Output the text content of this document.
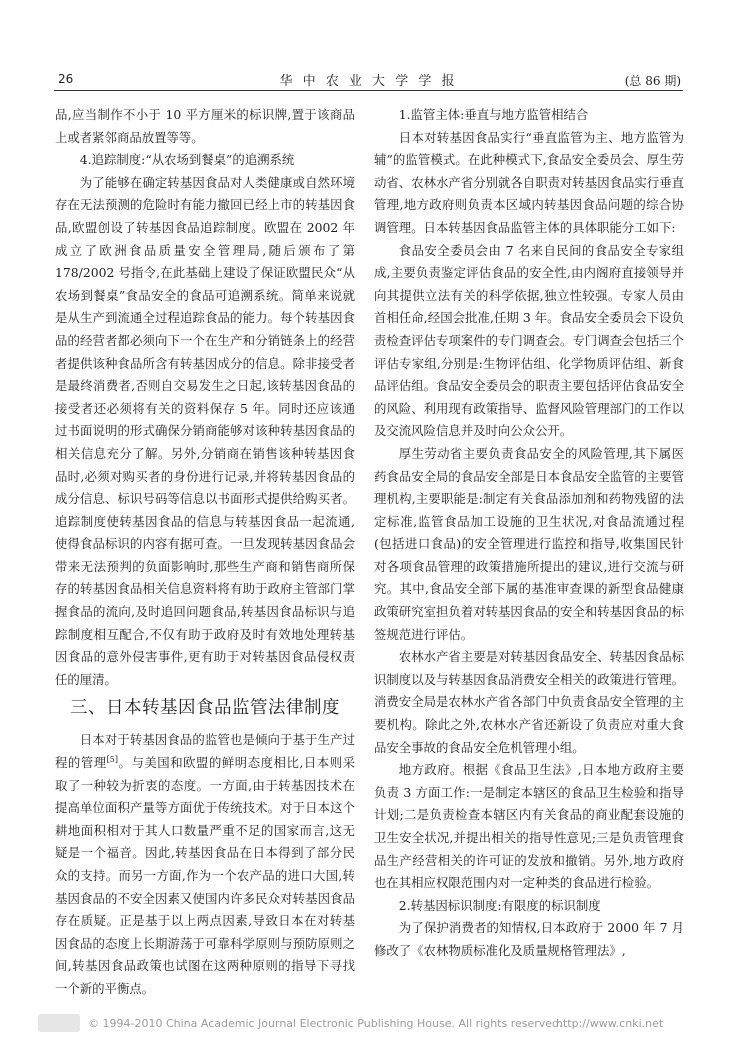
26	华 中 农 业 大 学 学 报	(总 86 期)

品,应当制作不小于 10 平方厘米的标识牌,置于该商品上或者紧邻商品放置等等。

4.追踪制度:“从农场到餐桌”的追溯系统

为了能够在确定转基因食品对人类健康或自然环境存在无法预测的危险时有能力撤回已经上市的转基因食品,欧盟创设了转基因食品追踪制度。欧盟在 2002 年成立了欧洲食品质量安全管理局,随后颁布了第 178/2002 号指令,在此基础上建设了保证欧盟民众“从农场到餐桌”食品安全的食品可追溯系统。简单来说就是从生产到流通全过程追踪食品的能力。每个转基因食品的经营者都必须向下一个在生产和分销链条上的经营者提供该种食品所含有转基因成分的信息。除非接受者是最终消费者,否则自交易发生之日起,该转基因食品的接受者还必须将有关的资料保存 5 年。同时还应该通过书面说明的形式确保分销商能够对该种转基因食品的相关信息充分了解。另外,分销商在销售该种转基因食品时,必须对购买者的身份进行记录,并将转基因食品的成分信息、标识号码等信息以书面形式提供给购买者。追踪制度使转基因食品的信息与转基因食品一起流通,使得食品标识的内容有据可查。一旦发现转基因食品会带来无法预判的负面影响时,那些生产商和销售商所保存的转基因食品相关信息资料将有助于政府主管部门掌握食品的流向,及时追回问题食品,转基因食品标识与追踪制度相互配合,不仅有助于政府及时有效地处理转基因食品的意外侵害事件,更有助于对转基因食品侵权责任的厘清。

三、日本转基因食品监管法律制度

日本对于转基因食品的监管也是倾向于基于生产过程的管理[5]。与美国和欧盟的鲜明态度相比,日本则采取了一种较为折衷的态度。一方面,由于转基因技术在提高单位面积产量等方面优于传统技术。对于日本这个耕地面积相对于其人口数量严重不足的国家而言,这无疑是一个福音。因此,转基因食品在日本得到了部分民众的支持。而另一方面,作为一个农产品的进口大国,转基因食品的不安全因素又使国内许多民众对转基因食品存在质疑。正是基于以上两点因素,导致日本在对转基因食品的态度上长期游荡于可靠科学原则与预防原则之间,转基因食品政策也试图在这两种原则的指导下寻找一个新的平衡点。

1.监管主体:垂直与地方监管相结合

日本对转基因食品实行“垂直监管为主、地方监管为辅”的监管模式。在此种模式下,食品安全委员会、厚生劳动省、农林水产省分别就各自职责对转基因食品实行垂直管理,地方政府则负责本区域内转基因食品问题的综合协调管理。日本转基因食品监管主体的具体职能分工如下:

食品安全委员会由 7 名来自民间的食品安全专家组成,主要负责鉴定评估食品的安全性,由内阁府直接领导并向其提供立法有关的科学依据,独立性较强。专家人员由首相任命,经国会批准,任期 3 年。食品安全委员会下设负责检查评估专项案件的专门调查会。专门调查会包括三个评估专家组,分别是:生物评估组、化学物质评估组、新食品评估组。食品安全委员会的职责主要包括评估食品安全的风险、利用现有政策指导、监督风险管理部门的工作以及交流风险信息并及时向公众公开。

厚生劳动省主要负责食品安全的风险管理,其下属医药食品安全局的食品安全部是日本食品安全监管的主要管理机构,主要职能是:制定有关食品添加剂和药物残留的法定标准,监管食品加工设施的卫生状况,对食品流通过程(包括进口食品)的安全管理进行监控和指导,收集国民针对各项食品管理的政策措施所提出的建议,进行交流与研究。其中,食品安全部下属的基准审查课的新型食品健康政策研究室担负着对转基因食品的安全和转基因食品的标签规范进行评估。

农林水产省主要是对转基因食品安全、转基因食品标识制度以及与转基因食品消费安全相关的政策进行管理。消费安全局是农林水产省各部门中负责食品安全管理的主要机构。除此之外,农林水产省还新设了负责应对重大食品安全事故的食品安全危机管理小组。

地方政府。根据《食品卫生法》,日本地方政府主要负责 3 方面工作:一是制定本辖区的食品卫生检验和指导计划;二是负责检查本辖区内有关食品的商业配套设施的卫生安全状况,并提出相关的指导性意见;三是负责管理食品生产经营相关的许可证的发放和撤销。另外,地方政府也在其相应权限范围内对一定种类的食品进行检验。

2.转基因标识制度:有限度的标识制度

为了保护消费者的知情权,日本政府于 2000 年 7 月修改了《农林物质标准化及质量规格管理法》,

© 1994-2010 China Academic Journal Electronic Publishing House. All rights reserved.
http://www.cnki.net
